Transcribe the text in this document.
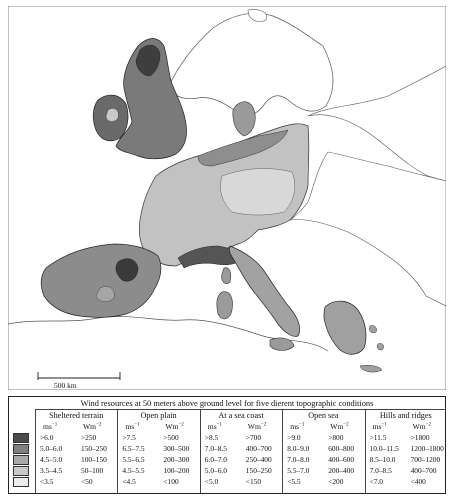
500 km
Wind resources at 50 meters above ground level for five dierent topographic conditions
Sheltered terrain
$ms^{-1}$	$Wm^{-2}$
>6.0	>250
5.0–6.0	150–250
4.5–5.0	100–150
3.5–4.5	50–100
<3.5	<50
Open plain
$ms^{-1}$	$Wm^{-2}$
>7.5	>500
6.5–7.5	300–500
5.5–6.5	200–300
4.5–5.5	100–200
<4.5	<100
At a sea coast
$ms^{-1}$	$Wm^{-2}$
>8.5	>700
7.0–8.5	400–700
6.0–7.0	250–400
5.0–6.0	150–250
<5.0	<150
Open sea
$ms^{-1}$	$Wm^{-2}$
>9.0	>800
8.0–9.0	600–800
7.0–8.0	400–600
5.5–7.0	200–400
<5.5	<200
Hills and ridges
$ms^{-1}$	$Wm^{-2}$
>11.5	>1800
10.0–11.5 1200–1800
8.5–10.0 700–1200
7.0–8.5	400–700
<7.0	<400
